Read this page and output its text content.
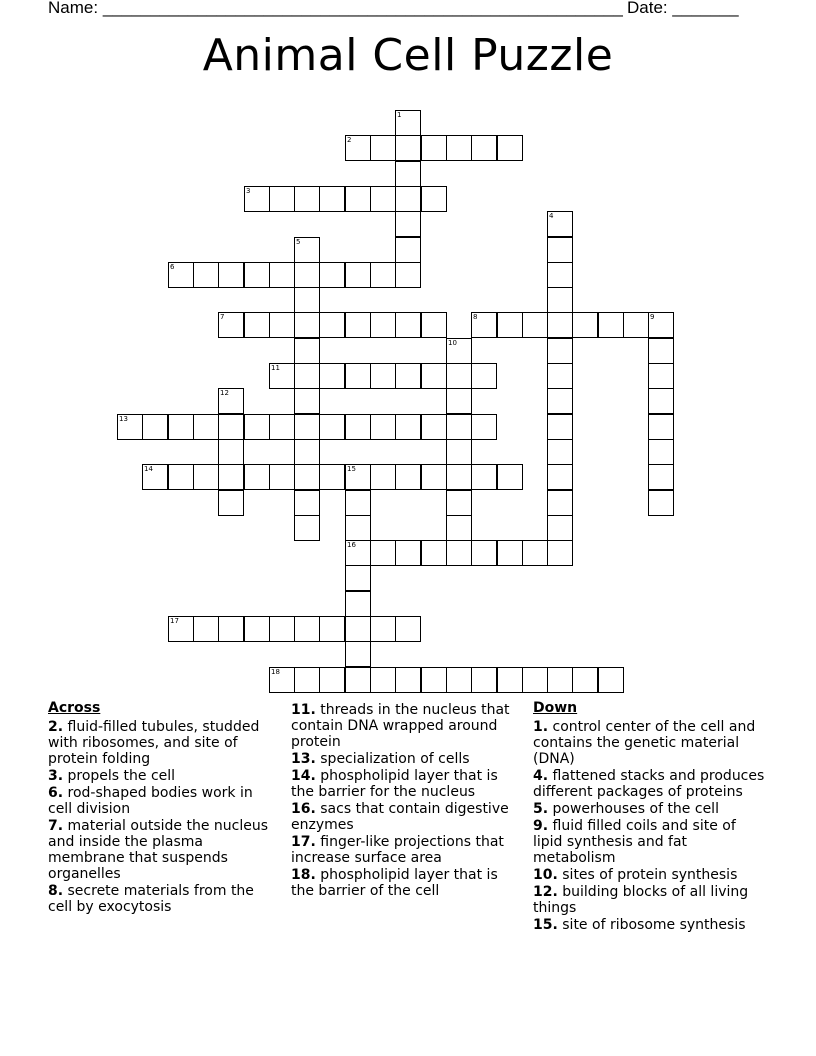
Name: _______________________________________________________ Date: _______
Animal Cell Puzzle
2
3
6
7	8	9
11
13
14	15
16
17
18
1
4
5
10
12
Across
2. fluid-filled tubules, studded with ribosomes, and site of protein folding
3. propels the cell
6. rod-shaped bodies work in cell division
7. material outside the nucleus and inside the plasma membrane that suspends organelles
8. secrete materials from the cell by exocytosis
11. threads in the nucleus that contain DNA wrapped around protein
13. specialization of cells
14. phospholipid layer that is the barrier for the nucleus
16. sacs that contain digestive enzymes
17. finger-like projections that increase surface area
18. phospholipid layer that is the barrier of the cell
Down
1. control center of the cell and contains the genetic material (DNA)
4. flattened stacks and produces different packages of proteins
5. powerhouses of the cell
9. fluid filled coils and site of lipid synthesis and fat metabolism
10. sites of protein synthesis
12. building blocks of all living things
15. site of ribosome synthesis
